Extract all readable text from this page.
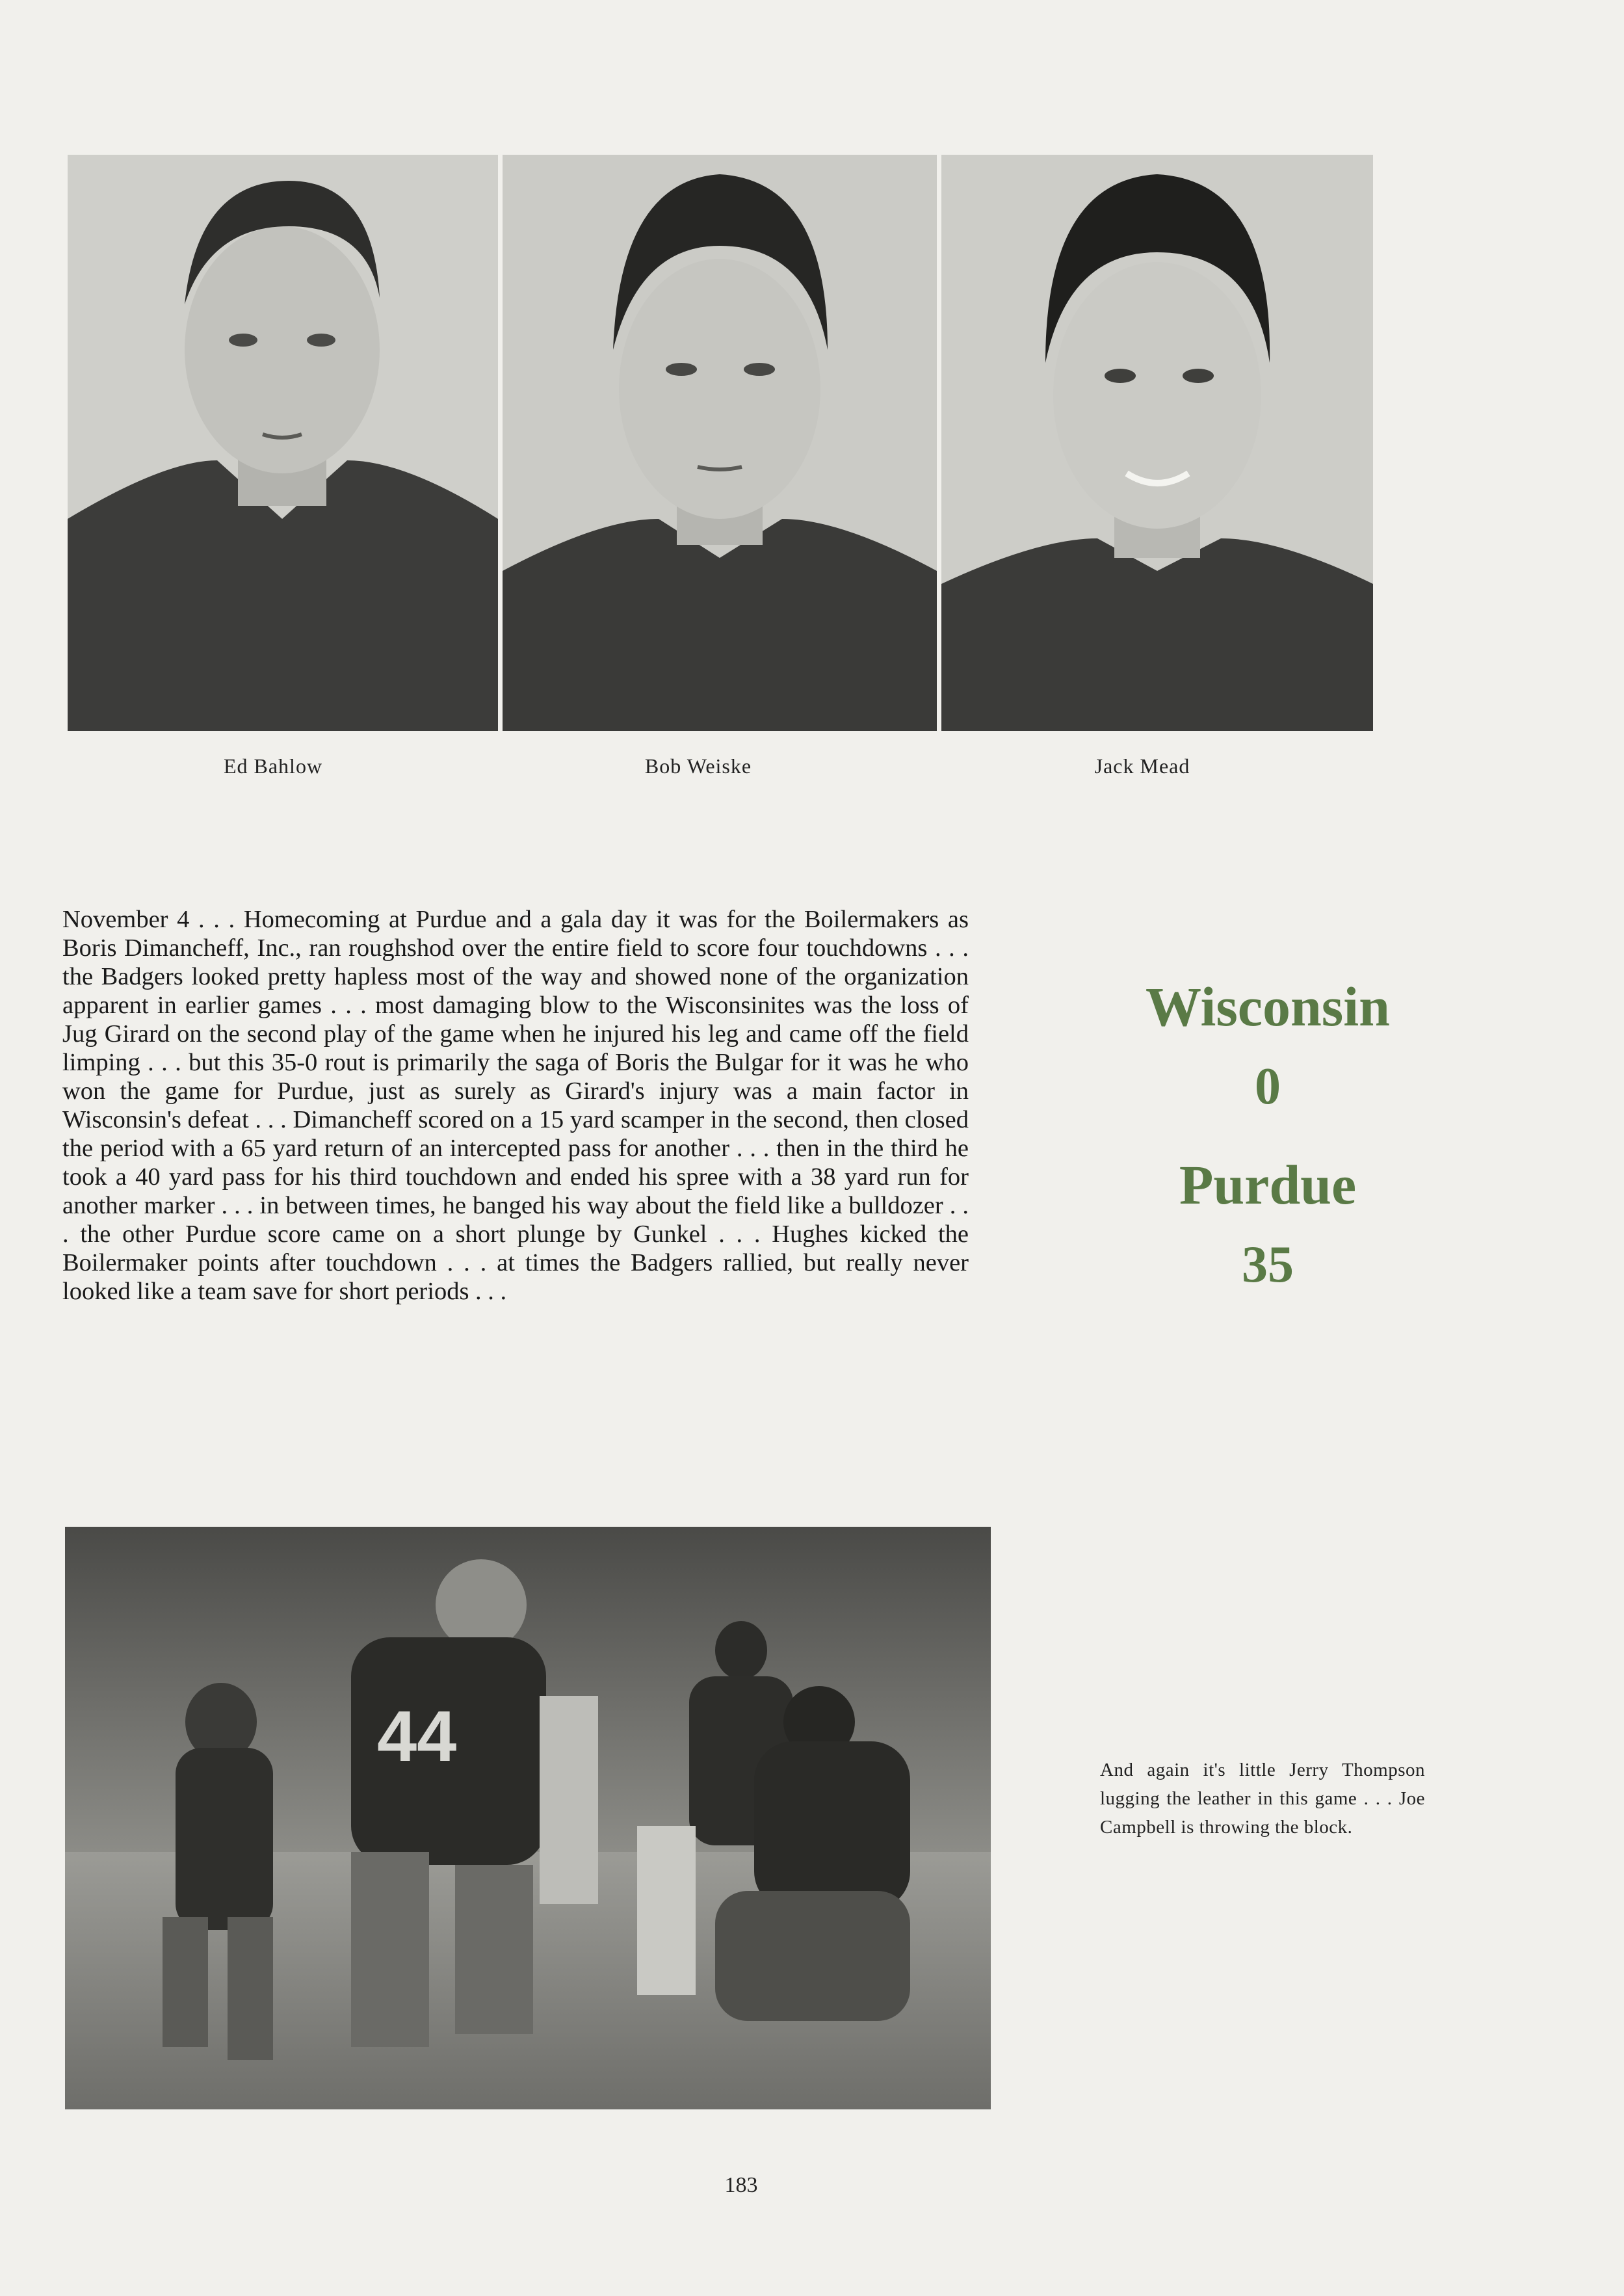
Ed Bahlow	Bob Weiske	Jack Mead
November 4 . . . Homecoming at Purdue and a gala day it was for the Boilermakers as Boris Dimancheff, Inc., ran roughshod over the entire field to score four touchdowns . . . the Badgers looked pretty hapless most of the way and showed none of the organization apparent in earlier games . . . most damaging blow to the Wisconsinites was the loss of Jug Girard on the second play of the game when he injured his leg and came off the field limping . . . but this 35-0 rout is primarily the saga of Boris the Bulgar for it was he who won the game for Purdue, just as surely as Girard's injury was a main factor in Wisconsin's defeat . . . Dimancheff scored on a 15 yard scamper in the second, then closed the period with a 65 yard return of an intercepted pass for another . . . then in the third he took a 40 yard pass for his third touchdown and ended his spree with a 38 yard run for another marker . . . in between times, he banged his way about the field like a bulldozer . . . the other Purdue score came on a short plunge by Gunkel . . . Hughes kicked the Boilermaker points after touchdown . . . at times the Badgers rallied, but really never looked like a team save for short periods . . .
Wisconsin
0
Purdue
35
44	And again it's little Jerry Thompson lugging the leather in this game . . . Joe Campbell is throwing the block.
183
